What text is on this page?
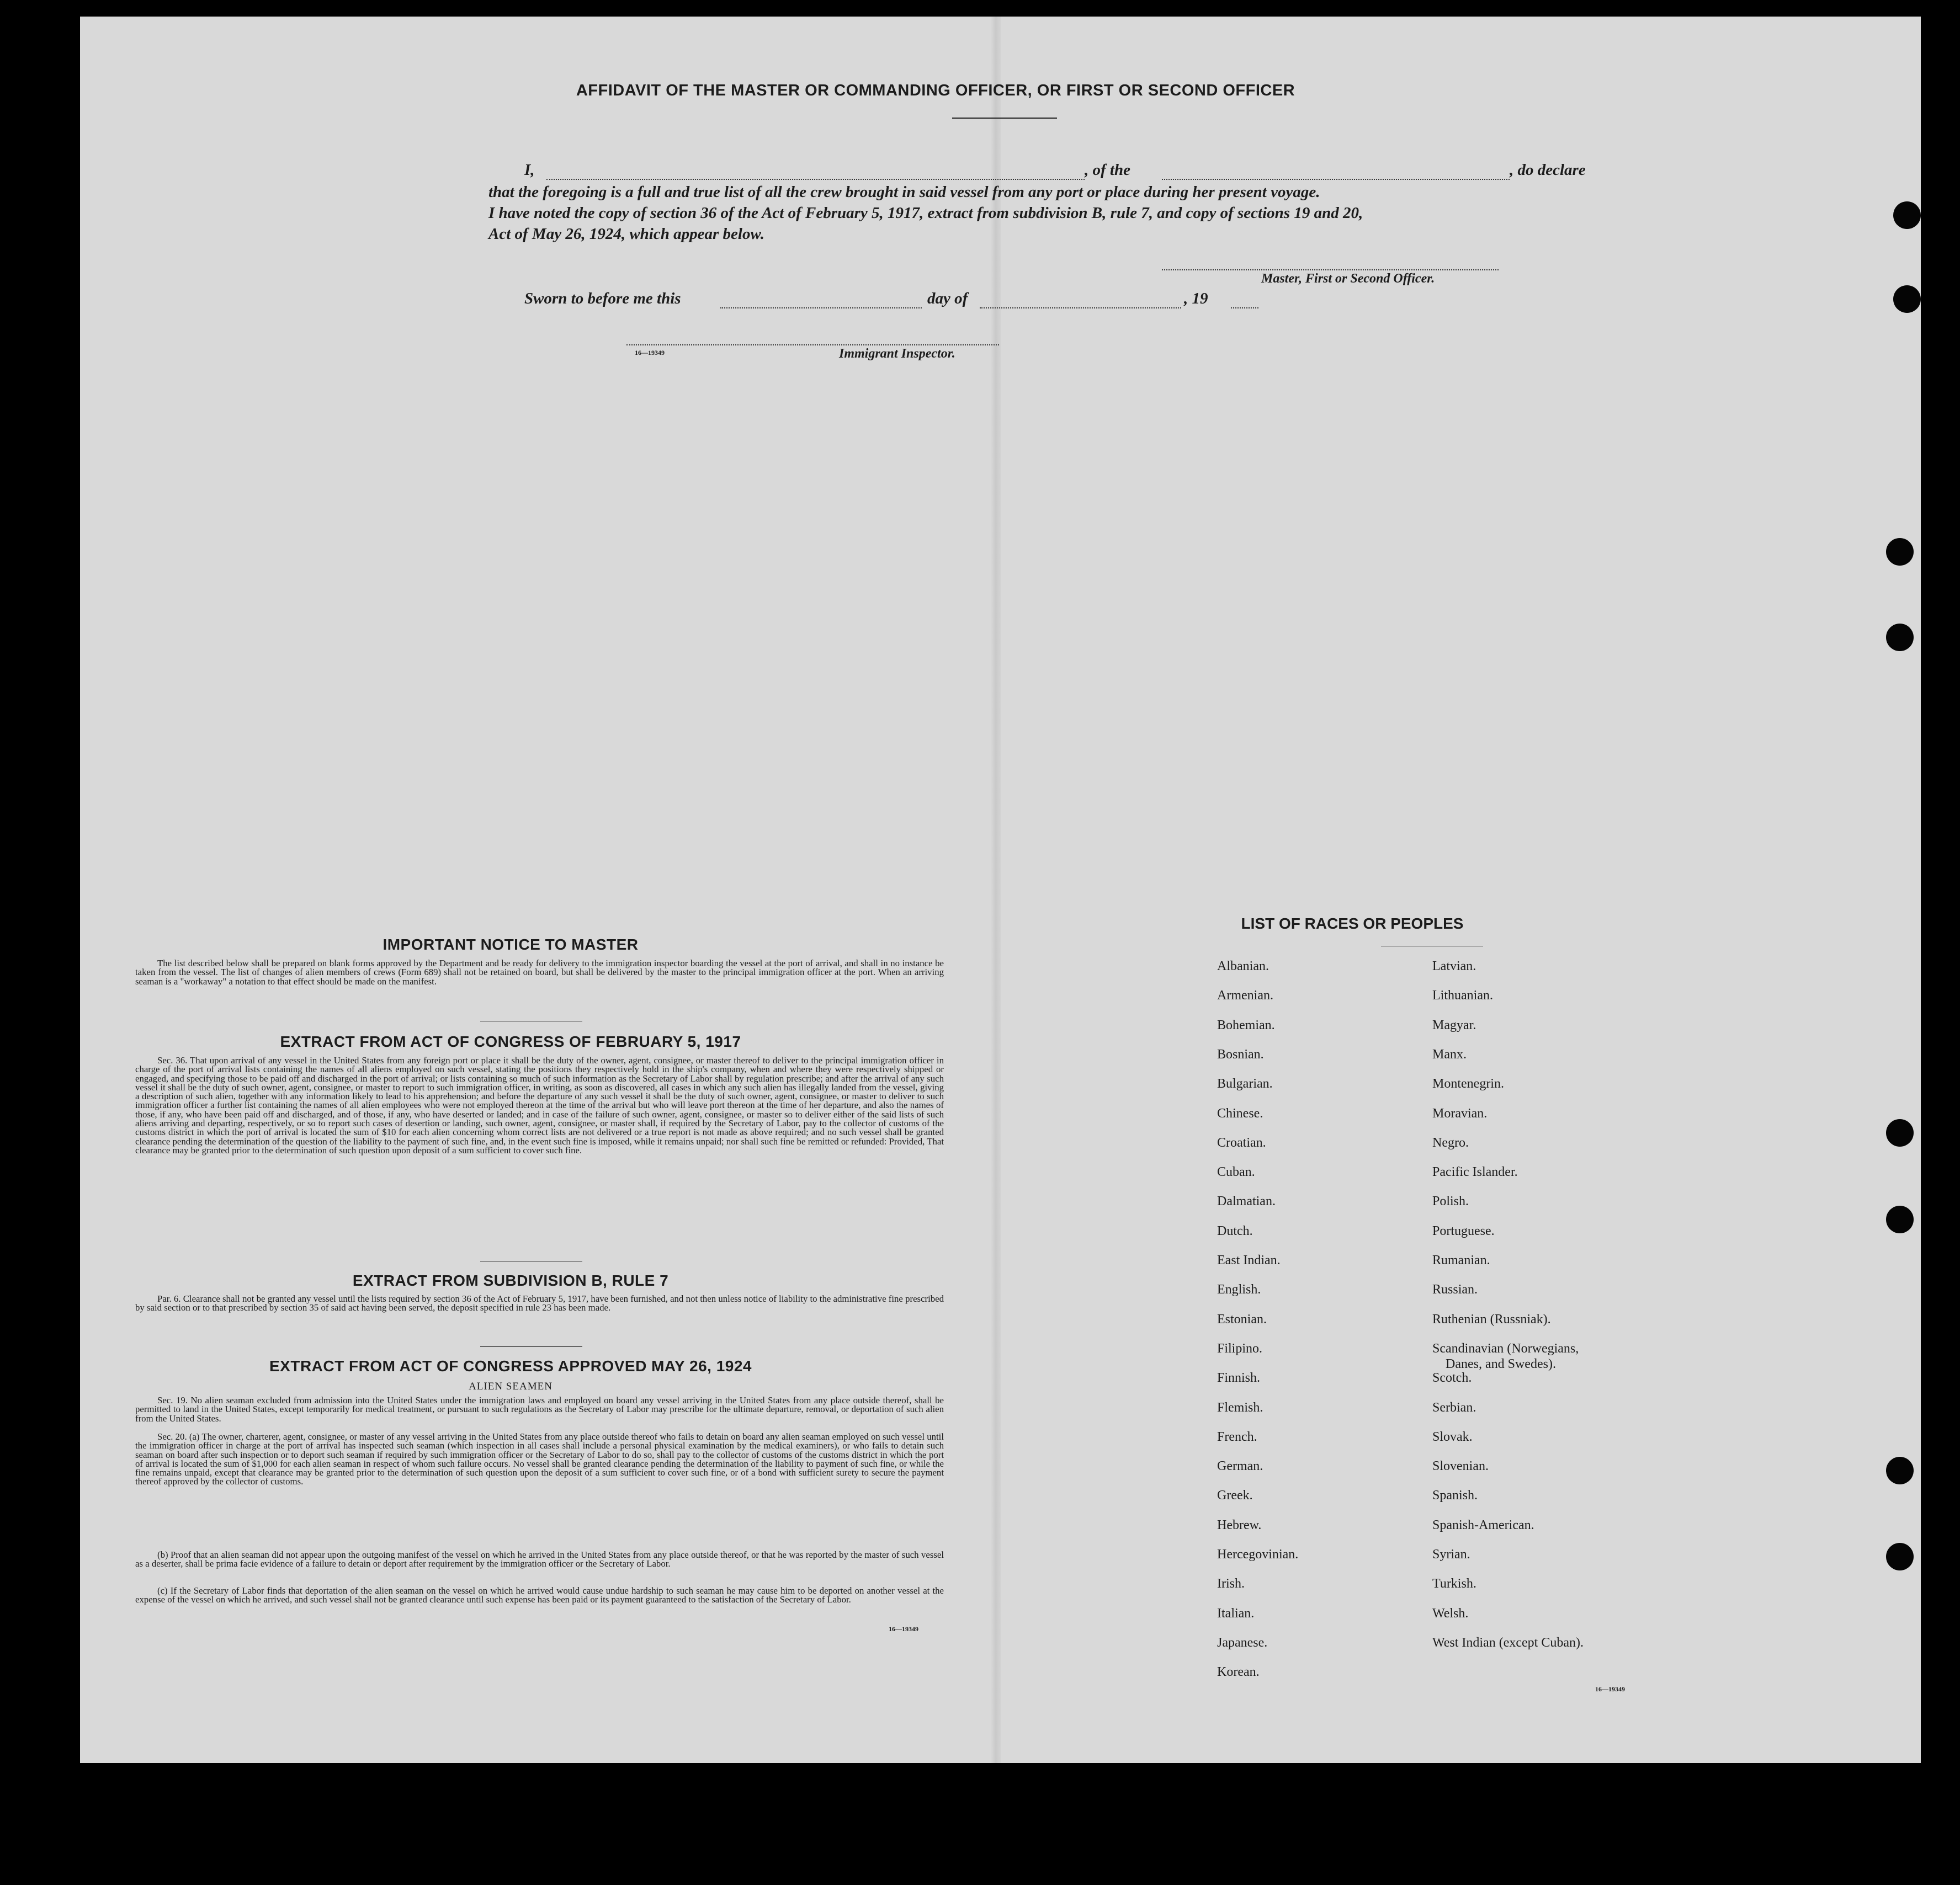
AFFIDAVIT OF THE MASTER OR COMMANDING OFFICER, OR FIRST OR SECOND OFFICER
I,	, of the	, do declare
that the foregoing is a full and true list of all the crew brought in said vessel from any port or place during her present voyage.
I have noted the copy of section 36 of the Act of February 5, 1917, extract from subdivision B, rule 7, and copy of sections 19 and 20,
Act of May 26, 1924, which appear below.
Master, First or Second Officer.
Sworn to before me this	day of	, 19
16—19349	Immigrant Inspector.
IMPORTANT NOTICE TO MASTER

The list described below shall be prepared on blank forms approved by the Department and be ready for delivery to the immigration inspector boarding the vessel at the port of arrival, and shall in no instance be taken from the vessel. The list of changes of alien members of crews (Form 689) shall not be retained on board, but shall be delivered by the master to the principal immigration officer at the port. When an arriving seaman is a "workaway" a notation to that effect should be made on the manifest.

EXTRACT FROM ACT OF CONGRESS OF FEBRUARY 5, 1917

Sec. 36. That upon arrival of any vessel in the United States from any foreign port or place it shall be the duty of the owner, agent, consignee, or master thereof to deliver to the principal immigration officer in charge of the port of arrival lists containing the names of all aliens employed on such vessel, stating the positions they respectively hold in the ship's company, when and where they were respectively shipped or engaged, and specifying those to be paid off and discharged in the port of arrival; or lists containing so much of such information as the Secretary of Labor shall by regulation prescribe; and after the arrival of any such vessel it shall be the duty of such owner, agent, consignee, or master to report to such immigration officer, in writing, as soon as discovered, all cases in which any such alien has illegally landed from the vessel, giving a description of such alien, together with any information likely to lead to his apprehension; and before the departure of any such vessel it shall be the duty of such owner, agent, consignee, or master to deliver to such immigration officer a further list containing the names of all alien employees who were not employed thereon at the time of the arrival but who will leave port thereon at the time of her departure, and also the names of those, if any, who have been paid off and discharged, and of those, if any, who have deserted or landed; and in case of the failure of such owner, agent, consignee, or master so to deliver either of the said lists of such aliens arriving and departing, respectively, or so to report such cases of desertion or landing, such owner, agent, consignee, or master shall, if required by the Secretary of Labor, pay to the collector of customs of the customs district in which the port of arrival is located the sum of $10 for each alien concerning whom correct lists are not delivered or a true report is not made as above required; and no such vessel shall be granted clearance pending the determination of the question of the liability to the payment of such fine, and, in the event such fine is imposed, while it remains unpaid; nor shall such fine be remitted or refunded: Provided, That clearance may be granted prior to the determination of such question upon deposit of a sum sufficient to cover such fine.

EXTRACT FROM SUBDIVISION B, RULE 7

Par. 6. Clearance shall not be granted any vessel until the lists required by section 36 of the Act of February 5, 1917, have been furnished, and not then unless notice of liability to the administrative fine prescribed by said section or to that prescribed by section 35 of said act having been served, the deposit specified in rule 23 has been made.

EXTRACT FROM ACT OF CONGRESS APPROVED MAY 26, 1924
ALIEN SEAMEN

Sec. 19. No alien seaman excluded from admission into the United States under the immigration laws and employed on board any vessel arriving in the United States from any place outside thereof, shall be permitted to land in the United States, except temporarily for medical treatment, or pursuant to such regulations as the Secretary of Labor may prescribe for the ultimate departure, removal, or deportation of such alien from the United States.

Sec. 20. (a) The owner, charterer, agent, consignee, or master of any vessel arriving in the United States from any place outside thereof who fails to detain on board any alien seaman employed on such vessel until the immigration officer in charge at the port of arrival has inspected such seaman (which inspection in all cases shall include a personal physical examination by the medical examiners), or who fails to detain such seaman on board after such inspection or to deport such seaman if required by such immigration officer or the Secretary of Labor to do so, shall pay to the collector of customs of the customs district in which the port of arrival is located the sum of $1,000 for each alien seaman in respect of whom such failure occurs. No vessel shall be granted clearance pending the determination of the liability to payment of such fine, or while the fine remains unpaid, except that clearance may be granted prior to the determination of such question upon the deposit of a sum sufficient to cover such fine, or of a bond with sufficient surety to secure the payment thereof approved by the collector of customs.

(b) Proof that an alien seaman did not appear upon the outgoing manifest of the vessel on which he arrived in the United States from any place outside thereof, or that he was reported by the master of such vessel as a deserter, shall be prima facie evidence of a failure to detain or deport after requirement by the immigration officer or the Secretary of Labor.

(c) If the Secretary of Labor finds that deportation of the alien seaman on the vessel on which he arrived would cause undue hardship to such seaman he may cause him to be deported on another vessel at the expense of the vessel on which he arrived, and such vessel shall not be granted clearance until such expense has been paid or its payment guaranteed to the satisfaction of the Secretary of Labor.

16—19349
LIST OF RACES OR PEOPLES
16—19349
Albanian.
Armenian.
Bohemian.
Bosnian.
Bulgarian.
Chinese.
Croatian.
Cuban.
Dalmatian.
Dutch.
East Indian.
English.
Estonian.
Filipino.
Finnish.
Flemish.
French.
German.
Greek.
Hebrew.
Hercegovinian.
Irish.
Italian.
Japanese.
Korean.
Latvian.
Lithuanian.
Magyar.
Manx.
Montenegrin.
Moravian.
Negro.
Pacific Islander.
Polish.
Portuguese.
Rumanian.
Russian.
Ruthenian (Russniak).
Scandinavian (Norwegians,
Danes, and Swedes).
Scotch.
Serbian.
Slovak.
Slovenian.
Spanish.
Spanish-American.
Syrian.
Turkish.
Welsh.
West Indian (except Cuban).
